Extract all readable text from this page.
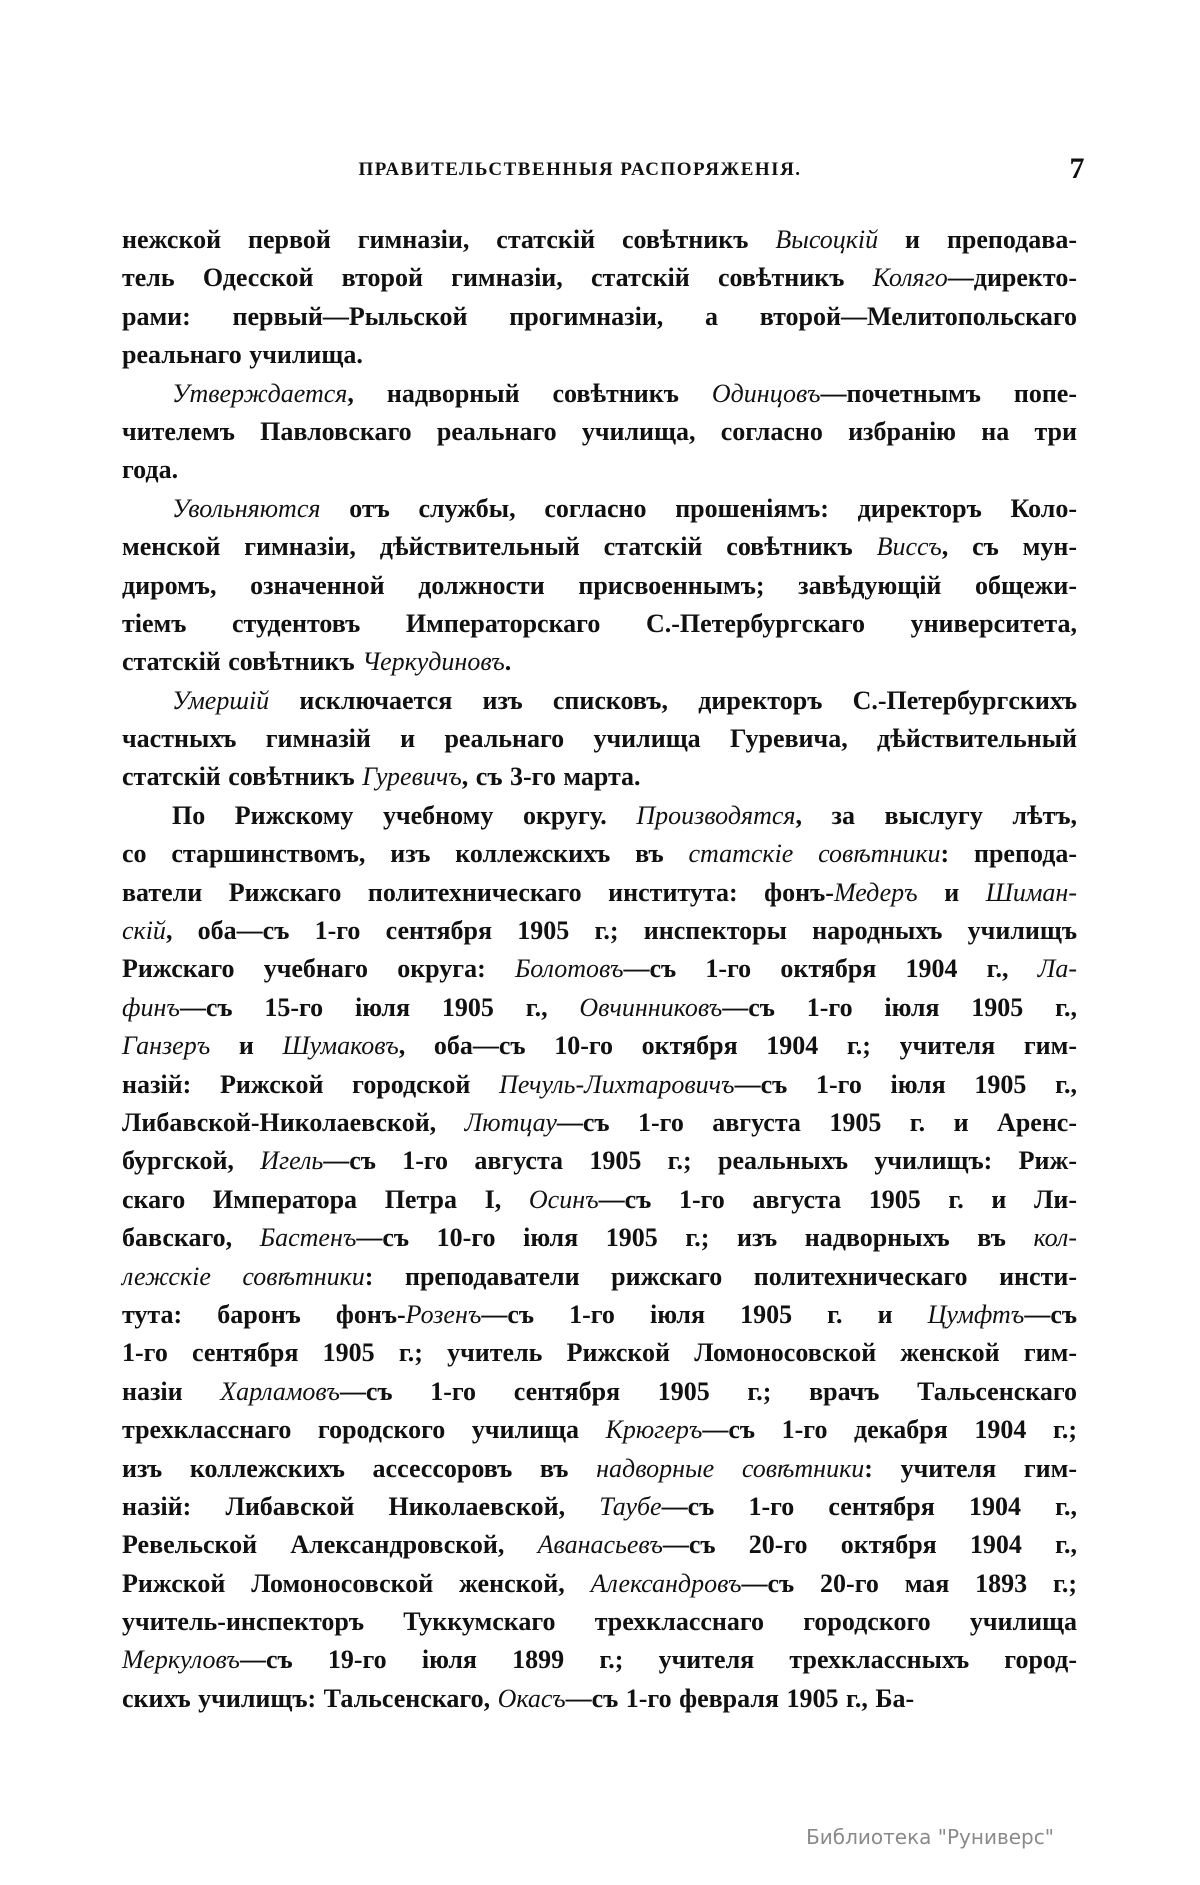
ПРАВИТЕЛЬСТВЕННЫЯ РАСПОРЯЖЕНІЯ.	7
нежской первой гимназіи, статскій совѣтникъ Высоцкій и преподава-
тель Одесской второй гимназіи, статскій совѣтникъ Коляго—директо-
рами: первый—Рыльской прогимназіи, а второй—Мелитопольскаго
реальнаго училища.
Утверждается, надворный совѣтникъ Одинцовъ—почетнымъ попе-
чителемъ Павловскаго реальнаго училища, согласно избранію на три
года.
Увольняются отъ службы, согласно прошеніямъ: директоръ Коло-
менской гимназіи, дѣйствительный статскій совѣтникъ Виссъ, съ мун-
диромъ, означенной должности присвоеннымъ; завѣдующій общежи-
тіемъ студентовъ Императорскаго С.-Петербургскаго университета,
статскій совѣтникъ Черкудиновъ.
Умершій исключается изъ списковъ, директоръ С.-Петербургскихъ
частныхъ гимназій и реальнаго училища Гуревича, дѣйствительный
статскій совѣтникъ Гуревичъ, съ 3-го марта.
По Рижскому учебному округу. Производятся, за выслугу лѣтъ,
со старшинствомъ, изъ коллежскихъ въ статскіе совѣтники: препода-
ватели Рижскаго политехническаго института: фонъ-Медеръ и Шиман-
скій, оба—съ 1-го сентября 1905 г.; инспекторы народныхъ училищъ
Рижскаго учебнаго округа: Болотовъ—съ 1-го октября 1904 г., Ла-
финъ—съ 15-го іюля 1905 г., Овчинниковъ—съ 1-го іюля 1905 г.,
Ганзеръ и Шумаковъ, оба—съ 10-го октября 1904 г.; учителя гим-
назій: Рижской городской Печуль-Лихтаровичъ—съ 1-го іюля 1905 г.,
Либавской-Николаевской, Лютцау—съ 1-го августа 1905 г. и Аренс-
бургской, Игель—съ 1-го августа 1905 г.; реальныхъ училищъ: Риж-
скаго Императора Петра I, Осинъ—съ 1-го августа 1905 г. и Ли-
бавскаго, Бастенъ—съ 10-го іюля 1905 г.; изъ надворныхъ въ кол-
лежскіе совѣтники: преподаватели рижскаго политехническаго инсти-
тута: баронъ фонъ-Розенъ—съ 1-го іюля 1905 г. и Цумфтъ—съ
1-го сентября 1905 г.; учитель Рижской Ломоносовской женской гим-
назіи Харламовъ—съ 1-го сентября 1905 г.; врачъ Тальсенскаго
трехкласснаго городского училища Крюгеръ—съ 1-го декабря 1904 г.;
изъ коллежскихъ ассессоровъ въ надворные совѣтники: учителя гим-
назій: Либавской Николаевской, Таубе—съ 1-го сентября 1904 г.,
Ревельской Александровской, Аванасьевъ—съ 20-го октября 1904 г.,
Рижской Ломоносовской женской, Александровъ—съ 20-го мая 1893 г.;
учитель-инспекторъ Туккумскаго трехкласснаго городского училища
Меркуловъ—съ 19-го іюля 1899 г.; учителя трехклассныхъ город-
скихъ училищъ: Тальсенскаго, Окасъ—съ 1-го февраля 1905 г., Ба-
Библиотека "Руниверс"
